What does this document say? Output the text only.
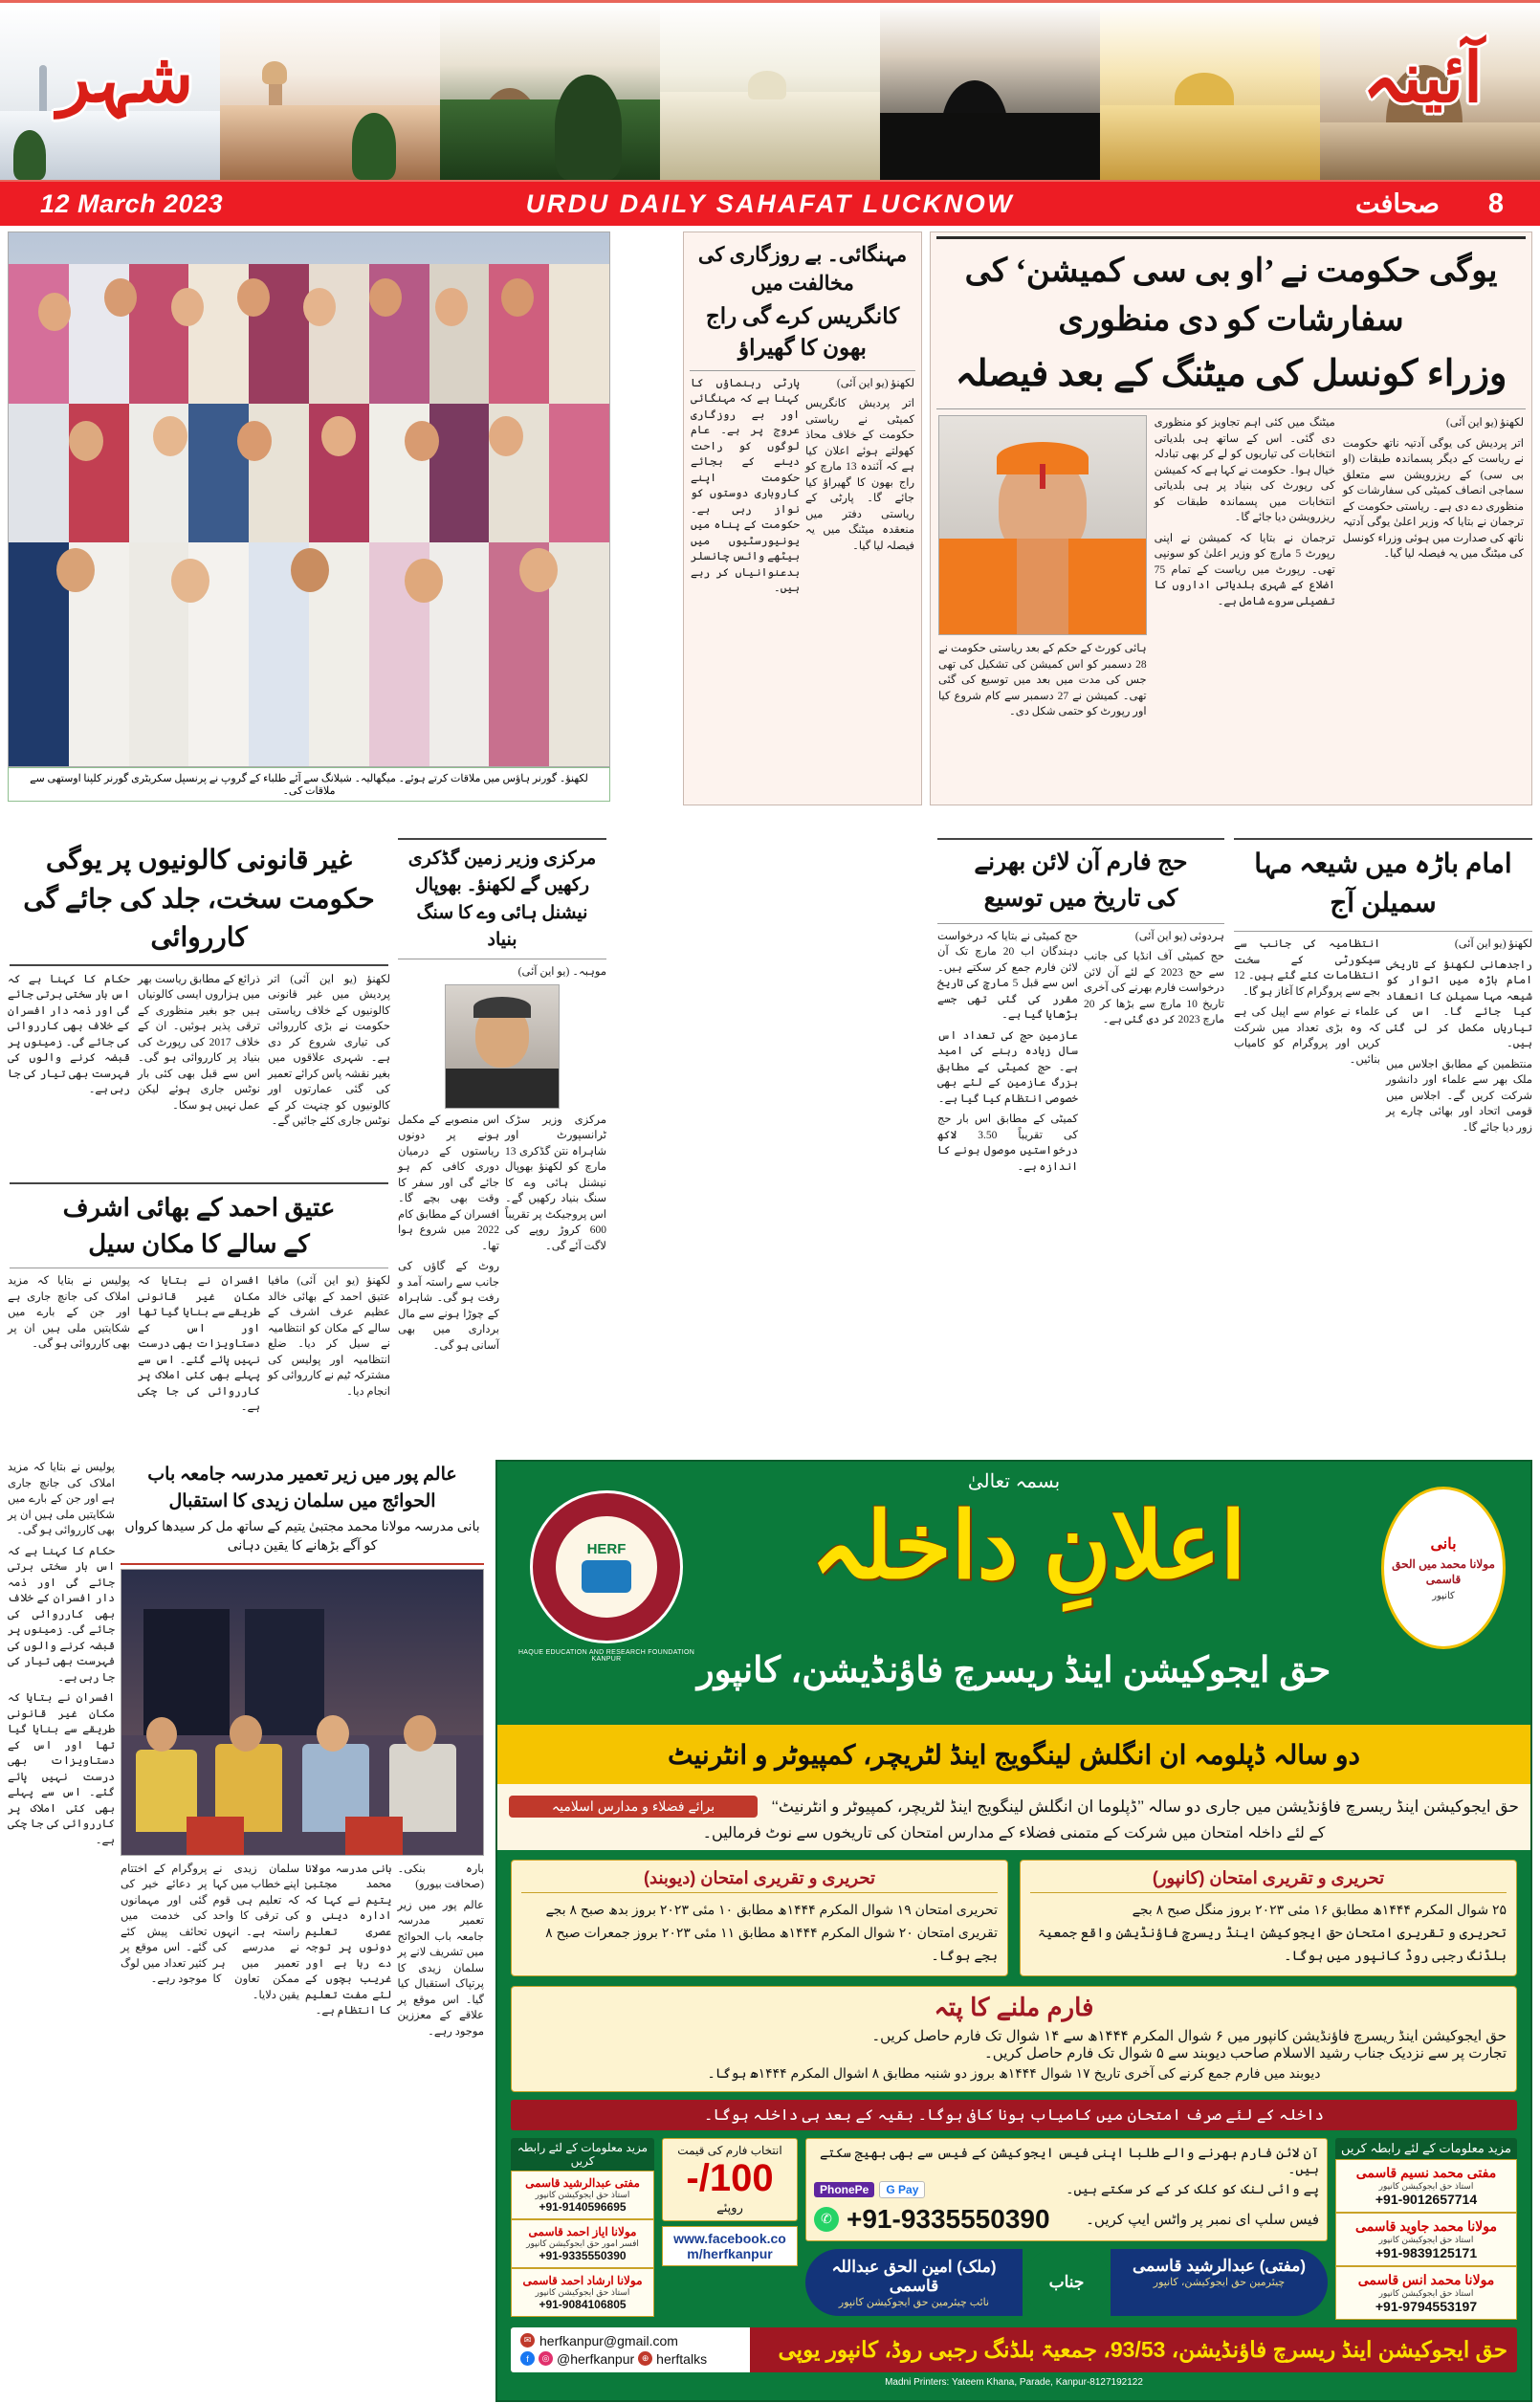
شہر	آئینہ
12 March 2023	URDU DAILY SAHAFAT LUCKNOW	صحافت 8
یوگی حکومت نے ’او بی سی کمیشن‘ کی سفارشات کو دی منظوری
وزراء کونسل کی میٹنگ کے بعد فیصلہ

لکھنؤ (یو این آئی)

اتر پردیش کی یوگی آدتیہ ناتھ حکومت نے ریاست کے دیگر پسماندہ طبقات (او بی سی) کے ریزرویشن سے متعلق سماجی انصاف کمیٹی کی سفارشات کو منظوری دے دی ہے۔ ریاستی حکومت کے ترجمان نے بتایا کہ وزیر اعلیٰ یوگی آدتیہ ناتھ کی صدارت میں ہوئی وزراء کونسل کی میٹنگ میں یہ فیصلہ لیا گیا۔

میٹنگ میں کئی اہم تجاویز کو منظوری دی گئی۔ اس کے ساتھ ہی بلدیاتی انتخابات کی تیاریوں کو لے کر بھی تبادلہ خیال ہوا۔ حکومت نے کہا ہے کہ کمیشن کی رپورٹ کی بنیاد پر ہی بلدیاتی انتخابات میں پسماندہ طبقات کو ریزرویشن دیا جائے گا۔

ترجمان نے بتایا کہ کمیشن نے اپنی رپورٹ 5 مارچ کو وزیر اعلیٰ کو سونپی تھی۔ رپورٹ میں ریاست کے تمام 75 اضلاع کے شہری بلدیاتی اداروں کا تفصیلی سروے شامل ہے۔

ہائی کورٹ کے حکم کے بعد ریاستی حکومت نے 28 دسمبر کو اس کمیشن کی تشکیل کی تھی جس کی مدت میں بعد میں توسیع کی گئی تھی۔ کمیشن نے 27 دسمبر سے کام شروع کیا اور رپورٹ کو حتمی شکل دی۔

مہنگائی۔ بے روزگاری کی مخالفت میں
کانگریس کرے گی راج بھون کا گھیراؤ

لکھنؤ (یو این آئی)

اتر پردیش کانگریس کمیٹی نے ریاستی حکومت کے خلاف محاذ کھولتے ہوئے اعلان کیا ہے کہ آئندہ 13 مارچ کو راج بھون کا گھیراؤ کیا جائے گا۔ پارٹی کے ریاستی دفتر میں منعقدہ میٹنگ میں یہ فیصلہ لیا گیا۔

پارٹی رہنماؤں کا کہنا ہے کہ مہنگائی اور بے روزگاری عروج پر ہے۔ عام لوگوں کو راحت دینے کے بجائے حکومت اپنے کاروباری دوستوں کو نواز رہی ہے۔ حکومت کے پناہ میں یونیورسٹیوں میں بیٹھے وائس چانسلر بدعنوانیاں کر رہے ہیں۔

لکھنؤ۔ گورنر ہاؤس میں ملاقات کرتے ہوئے۔ میگھالیہ۔ شیلانگ سے آئے طلباء کے گروپ نے پرنسپل سکریٹری گورنر کلپنا اوستھی سے ملاقات کی۔
غیر قانونی کالونیوں پر یوگی حکومت سخت، جلد کی جائے گی کارروائی

لکھنؤ (یو این آئی) اتر پردیش میں غیر قانونی کالونیوں کے خلاف ریاستی حکومت نے بڑی کارروائی کی تیاری شروع کر دی ہے۔ شہری علاقوں میں بغیر نقشہ پاس کرائے تعمیر کی گئی عمارتوں اور کالونیوں کو چنہت کر کے نوٹس جاری کئے جائیں گے۔

ذرائع کے مطابق ریاست بھر میں ہزاروں ایسی کالونیاں ہیں جو بغیر منظوری کے ترقی پذیر ہوئیں۔ ان کے خلاف 2017 کی رپورٹ کی بنیاد پر کارروائی ہو گی۔ اس سے قبل بھی کئی بار نوٹس جاری ہوئے لیکن عمل نہیں ہو سکا۔

حکام کا کہنا ہے کہ اس بار سختی برتی جائے گی اور ذمہ دار افسران کے خلاف بھی کارروائی کی جائے گی۔ زمینوں پر قبضہ کرنے والوں کی فہرست بھی تیار کی جا رہی ہے۔

عتیق احمد کے بھائی اشرف
کے سالے کا مکان سیل

لکھنؤ (یو این آئی) مافیا عتیق احمد کے بھائی خالد عظیم عرف اشرف کے سالے کے مکان کو انتظامیہ نے سیل کر دیا۔ ضلع انتظامیہ اور پولیس کی مشترکہ ٹیم نے کارروائی کو انجام دیا۔

افسران نے بتایا کہ مکان غیر قانونی طریقے سے بنایا گیا تھا اور اس کے دستاویزات بھی درست نہیں پائے گئے۔ اس سے پہلے بھی کئی املاک پر کارروائی کی جا چکی ہے۔

پولیس نے بتایا کہ مزید املاک کی جانچ جاری ہے اور جن کے بارے میں شکایتیں ملی ہیں ان پر بھی کارروائی ہو گی۔

مرکزی وزیر زمین گڈکری رکھیں گے لکھنؤ۔ بھوپال
نیشنل ہائی وے کا سنگ بنیاد
موہبہ۔ (یو این آئی)

مرکزی وزیر سڑک ٹرانسپورٹ اور شاہراہ نتن گڈکری 13 مارچ کو لکھنؤ بھوپال نیشنل ہائی وے کا سنگ بنیاد رکھیں گے۔ اس پروجیکٹ پر تقریباً 600 کروڑ روپے کی لاگت آئے گی۔

اس منصوبے کے مکمل ہونے پر دونوں ریاستوں کے درمیان دوری کافی کم ہو جائے گی اور سفر کا وقت بھی بچے گا۔ افسران کے مطابق کام 2022 میں شروع ہوا تھا۔

روٹ کے گاؤں کی جانب سے راستہ آمد و رفت ہو گی۔ شاہراہ کے چوڑا ہونے سے مال برداری میں بھی آسانی ہو گی۔

حج فارم آن لائن بھرنے
کی تاریخ میں توسیع

ہردوئی (یو این آئی)

حج کمیٹی آف انڈیا کی جانب سے حج 2023 کے لئے آن لائن درخواست فارم بھرنے کی آخری تاریخ 10 مارچ سے بڑھا کر 20 مارچ 2023 کر دی گئی ہے۔

حج کمیٹی نے بتایا کہ درخواست دہندگان اب 20 مارچ تک آن لائن فارم جمع کر سکتے ہیں۔ اس سے قبل 5 مارچ کی تاریخ مقرر کی گئی تھی جسے بڑھایا گیا ہے۔

عازمین حج کی تعداد اس سال زیادہ رہنے کی امید ہے۔ حج کمیٹی کے مطابق بزرگ عازمین کے لئے بھی خصوصی انتظام کیا گیا ہے۔

کمیٹی کے مطابق اس بار حج کی تقریباً 3.50 لاکھ درخواستیں موصول ہونے کا اندازہ ہے۔

امام باڑہ میں شیعہ مہا سمیلن آج

لکھنؤ (یو این آئی)

راجدھانی لکھنؤ کے تاریخی امام باڑہ میں اتوار کو شیعہ مہا سمیلن کا انعقاد کیا جائے گا۔ اس کی تیاریاں مکمل کر لی گئی ہیں۔

منتظمین کے مطابق اجلاس میں ملک بھر سے علماء اور دانشور شرکت کریں گے۔ اجلاس میں قومی اتحاد اور بھائی چارے پر زور دیا جائے گا۔

انتظامیہ کی جانب سے سیکورٹی کے سخت انتظامات کئے گئے ہیں۔ 12 بجے سے پروگرام کا آغاز ہو گا۔

علماء نے عوام سے اپیل کی ہے کہ وہ بڑی تعداد میں شرکت کریں اور پروگرام کو کامیاب بنائیں۔

عالم پور میں زیر تعمیر مدرسہ جامعہ باب الحوائج میں سلمان زیدی کا استقبال
بانی مدرسہ مولانا محمد مجتبیٰ یتیم کے ساتھ مل کر سیدھا کرواں کو آگے بڑھانے کا یقین دہانی

بارہ بنکی۔ (صحافت بیورو)

عالم پور میں زیر تعمیر مدرسہ جامعہ باب الحوائج میں تشریف لانے پر سلمان زیدی کا پرتپاک استقبال کیا گیا۔ اس موقع پر علاقے کے معززین موجود رہے۔

بانی مدرسہ مولانا محمد مجتبیٰ یتیم نے کہا کہ ادارہ دینی و عصری تعلیم دونوں پر توجہ دے رہا ہے اور غریب بچوں کے لئے مفت تعلیم کا انتظام ہے۔

سلمان زیدی نے اپنے خطاب میں کہا کہ تعلیم ہی قوم کی ترقی کا واحد راستہ ہے۔ انہوں نے مدرسے کی تعمیر میں ہر ممکن تعاون کا یقین دلایا۔

پروگرام کے اختتام پر دعائے خیر کی گئی اور مہمانوں کی خدمت میں تحائف پیش کئے گئے۔ اس موقع پر کثیر تعداد میں لوگ موجود رہے۔

پولیس نے بتایا کہ مزید املاک کی جانچ جاری ہے اور جن کے بارے میں شکایتیں ملی ہیں ان پر بھی کارروائی ہو گی۔

حکام کا کہنا ہے کہ اس بار سختی برتی جائے گی اور ذمہ دار افسران کے خلاف بھی کارروائی کی جائے گی۔ زمینوں پر قبضہ کرنے والوں کی فہرست بھی تیار کی جا رہی ہے۔

افسران نے بتایا کہ مکان غیر قانونی طریقے سے بنایا گیا تھا اور اس کے دستاویزات بھی درست نہیں پائے گئے۔ اس سے پہلے بھی کئی املاک پر کارروائی کی جا چکی ہے۔

بسمہ تعالیٰ
HERF
HAQUE EDUCATION AND RESEARCH FOUNDATION KANPUR
بانی
مولانا محمد میں الحق قاسمی
کانپور
اعلانِ داخلہ
حق ایجوکیشن اینڈ ریسرچ فاؤنڈیشن، کانپور
دو سالہ ڈپلومہ ان انگلش لینگویج اینڈ لٹریچر، کمپیوٹر و انٹرنیٹ
حق ایجوکیشن اینڈ ریسرچ فاؤنڈیشن میں جاری دو سالہ ’’ڈپلوما ان انگلش لینگویج اینڈ لٹریچر، کمپیوٹر و انٹرنیٹ‘‘
برائے فضلاء و مدارس اسلامیہ
کے لئے داخلہ امتحان میں شرکت کے متمنی فضلاء کے مدارس امتحان کی تاریخوں سے نوٹ فرمالیں۔
تحریری و تقریری امتحان (کانپور)
۲۵ شوال المکرم ۱۴۴۴ھ مطابق ۱۶ مئی ۲۰۲۳ بروز منگل صبح ۸ بجے
تحریری و تقریری امتحان حق ایجوکیشن اینڈ ریسرچ فاؤنڈیشن واقع جمعیۃ بلڈنگ رجبی روڈ کانپور میں ہوگا۔
تحریری و تقریری امتحان (دیوبند)
تحریری امتحان ۱۹ شوال المکرم ۱۴۴۴ھ مطابق ۱۰ مئی ۲۰۲۳ بروز بدھ صبح ۸ بجے
تقریری امتحان ۲۰ شوال المکرم ۱۴۴۴ھ مطابق ۱۱ مئی ۲۰۲۳ بروز جمعرات صبح ۸ بجے ہوگا۔
فارم ملنے کا پتہ
حق ایجوکیشن اینڈ ریسرچ فاؤنڈیشن کانپور میں ۶ شوال المکرم ۱۴۴۴ھ سے ۱۴ شوال تک فارم حاصل کریں۔
تجارت پر سے نزدیک جناب رشید الاسلام صاحب دیوبند سے ۵ شوال تک فارم حاصل کریں۔
دیوبند میں فارم جمع کرنے کی آخری تاریخ ۱۷ شوال ۱۴۴۴ھ بروز دو شنبہ مطابق ۸ اشوال المکرم ۱۴۴۴ھ ہوگا۔
داخلہ کے لئے صرف امتحان میں کامیاب ہونا کافی ہوگا۔ بقیہ کے بعد ہی داخلہ ہوگا۔
مزید معلومات کے لئے رابطہ کریں
مفتی محمد نسیم قاسمی
استاذ حق ایجوکیشن کانپور
+91-9012657714
مولانا محمد جاوید قاسمی
استاذ حق ایجوکیشن کانپور
+91-9839125171
مولانا محمد انس قاسمی
استاذ حق ایجوکیشن کانپور
+91-9794553197
آن لائن فارم بھرنے والے طلبا اپنی فیس ایجوکیشن کے فیس سے بھی بھیج سکتے ہیں۔
پے وائی لنک کو کلک کر کے کر سکتے ہیں۔
G Pay
PhonePe
فیس سلپ ای نمبر پر واٹس ایپ کریں۔
+91-9335550390
✆
(مفتی) عبدالرشید قاسمی
چیئرمین حق ایجوکیشن، کانپور
جناب
(ملک) امین الحق عبداللہ قاسمی
نائب چیئرمین حق ایجوکیشن کانپور
انتخاب فارم کی قیمت
100/-
روپئے
www.facebook.com/herfkanpur
مزید معلومات کے لئے رابطہ کریں
مفتی عبدالرشید قاسمی
استاذ حق ایجوکیشن کانپور
+91-9140596695
مولانا ایاز احمد قاسمی
افسر امور حق ایجوکیشن کانپور
+91-9335550390
مولانا ارشاد احمد قاسمی
استاذ حق ایجوکیشن کانپور
+91-9084106805
حق ایجوکیشن اینڈ ریسرچ فاؤنڈیشن، 93/53، جمعیۃ بلڈنگ رجبی روڈ، کانپور یوپی
✉ herfkanpur@gmail.com
f	◎ @herfkanpur ⊕ herftalks
Madni Printers: Yateem Khana, Parade, Kanpur-8127192122
